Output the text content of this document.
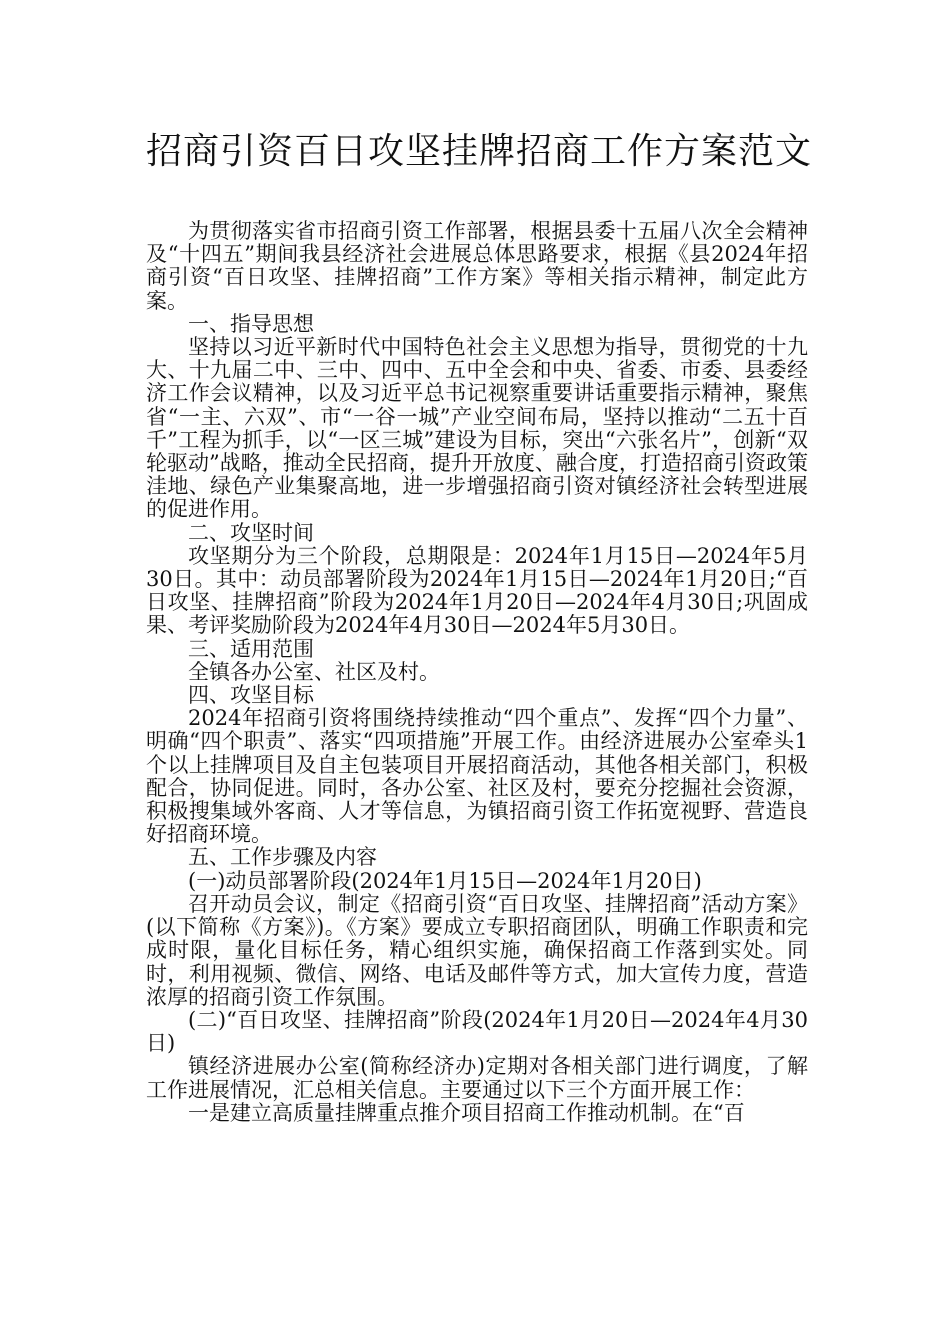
招商引资百日攻坚挂牌招商工作方案范文

为贯彻落实省市招商引资工作部署，根据县委十五届八次全会精神及“十四五”期间我县经济社会进展总体思路要求，根据《县2024年招商引资“百日攻坚、挂牌招商”工作方案》等相关指示精神，制定此方案。

一、指导思想

坚持以习近平新时代中国特色社会主义思想为指导，贯彻党的十九大、十九届二中、三中、四中、五中全会和中央、省委、市委、县委经济工作会议精神，以及习近平总书记视察重要讲话重要指示精神，聚焦省“一主、六双”、市“一谷一城”产业空间布局，坚持以推动“二五十百千”工程为抓手，以“一区三城”建设为目标，突出“六张名片”，创新“双轮驱动”战略，推动全民招商，提升开放度、融合度，打造招商引资政策洼地、绿色产业集聚高地，进一步增强招商引资对镇经济社会转型进展的促进作用。

二、攻坚时间

攻坚期分为三个阶段，总期限是：2024年1月15日—2024年5月30日。其中：动员部署阶段为2024年1月15日—2024年1月20日;“百日攻坚、挂牌招商”阶段为2024年1月20日—2024年4月30日;巩固成果、考评奖励阶段为2024年4月30日—2024年5月30日。

三、适用范围

全镇各办公室、社区及村。

四、攻坚目标

2024年招商引资将围绕持续推动“四个重点”、发挥“四个力量”、明确“四个职责”、落实“四项措施”开展工作。由经济进展办公室牵头1个以上挂牌项目及自主包装项目开展招商活动，其他各相关部门，积极配合，协同促进。同时，各办公室、社区及村，要充分挖掘社会资源，积极搜集域外客商、人才等信息，为镇招商引资工作拓宽视野、营造良好招商环境。

五、工作步骤及内容

(一)动员部署阶段(2024年1月15日—2024年1月20日)

召开动员会议，制定《招商引资“百日攻坚、挂牌招商”活动方案》(以下简称《方案》)。《方案》要成立专职招商团队，明确工作职责和完成时限，量化目标任务，精心组织实施，确保招商工作落到实处。同时，利用视频、微信、网络、电话及邮件等方式，加大宣传力度，营造浓厚的招商引资工作氛围。

(二)“百日攻坚、挂牌招商”阶段(2024年1月20日—2024年4月30日)

镇经济进展办公室(简称经济办)定期对各相关部门进行调度，了解工作进展情况，汇总相关信息。主要通过以下三个方面开展工作：

一是建立高质量挂牌重点推介项目招商工作推动机制。在“百
